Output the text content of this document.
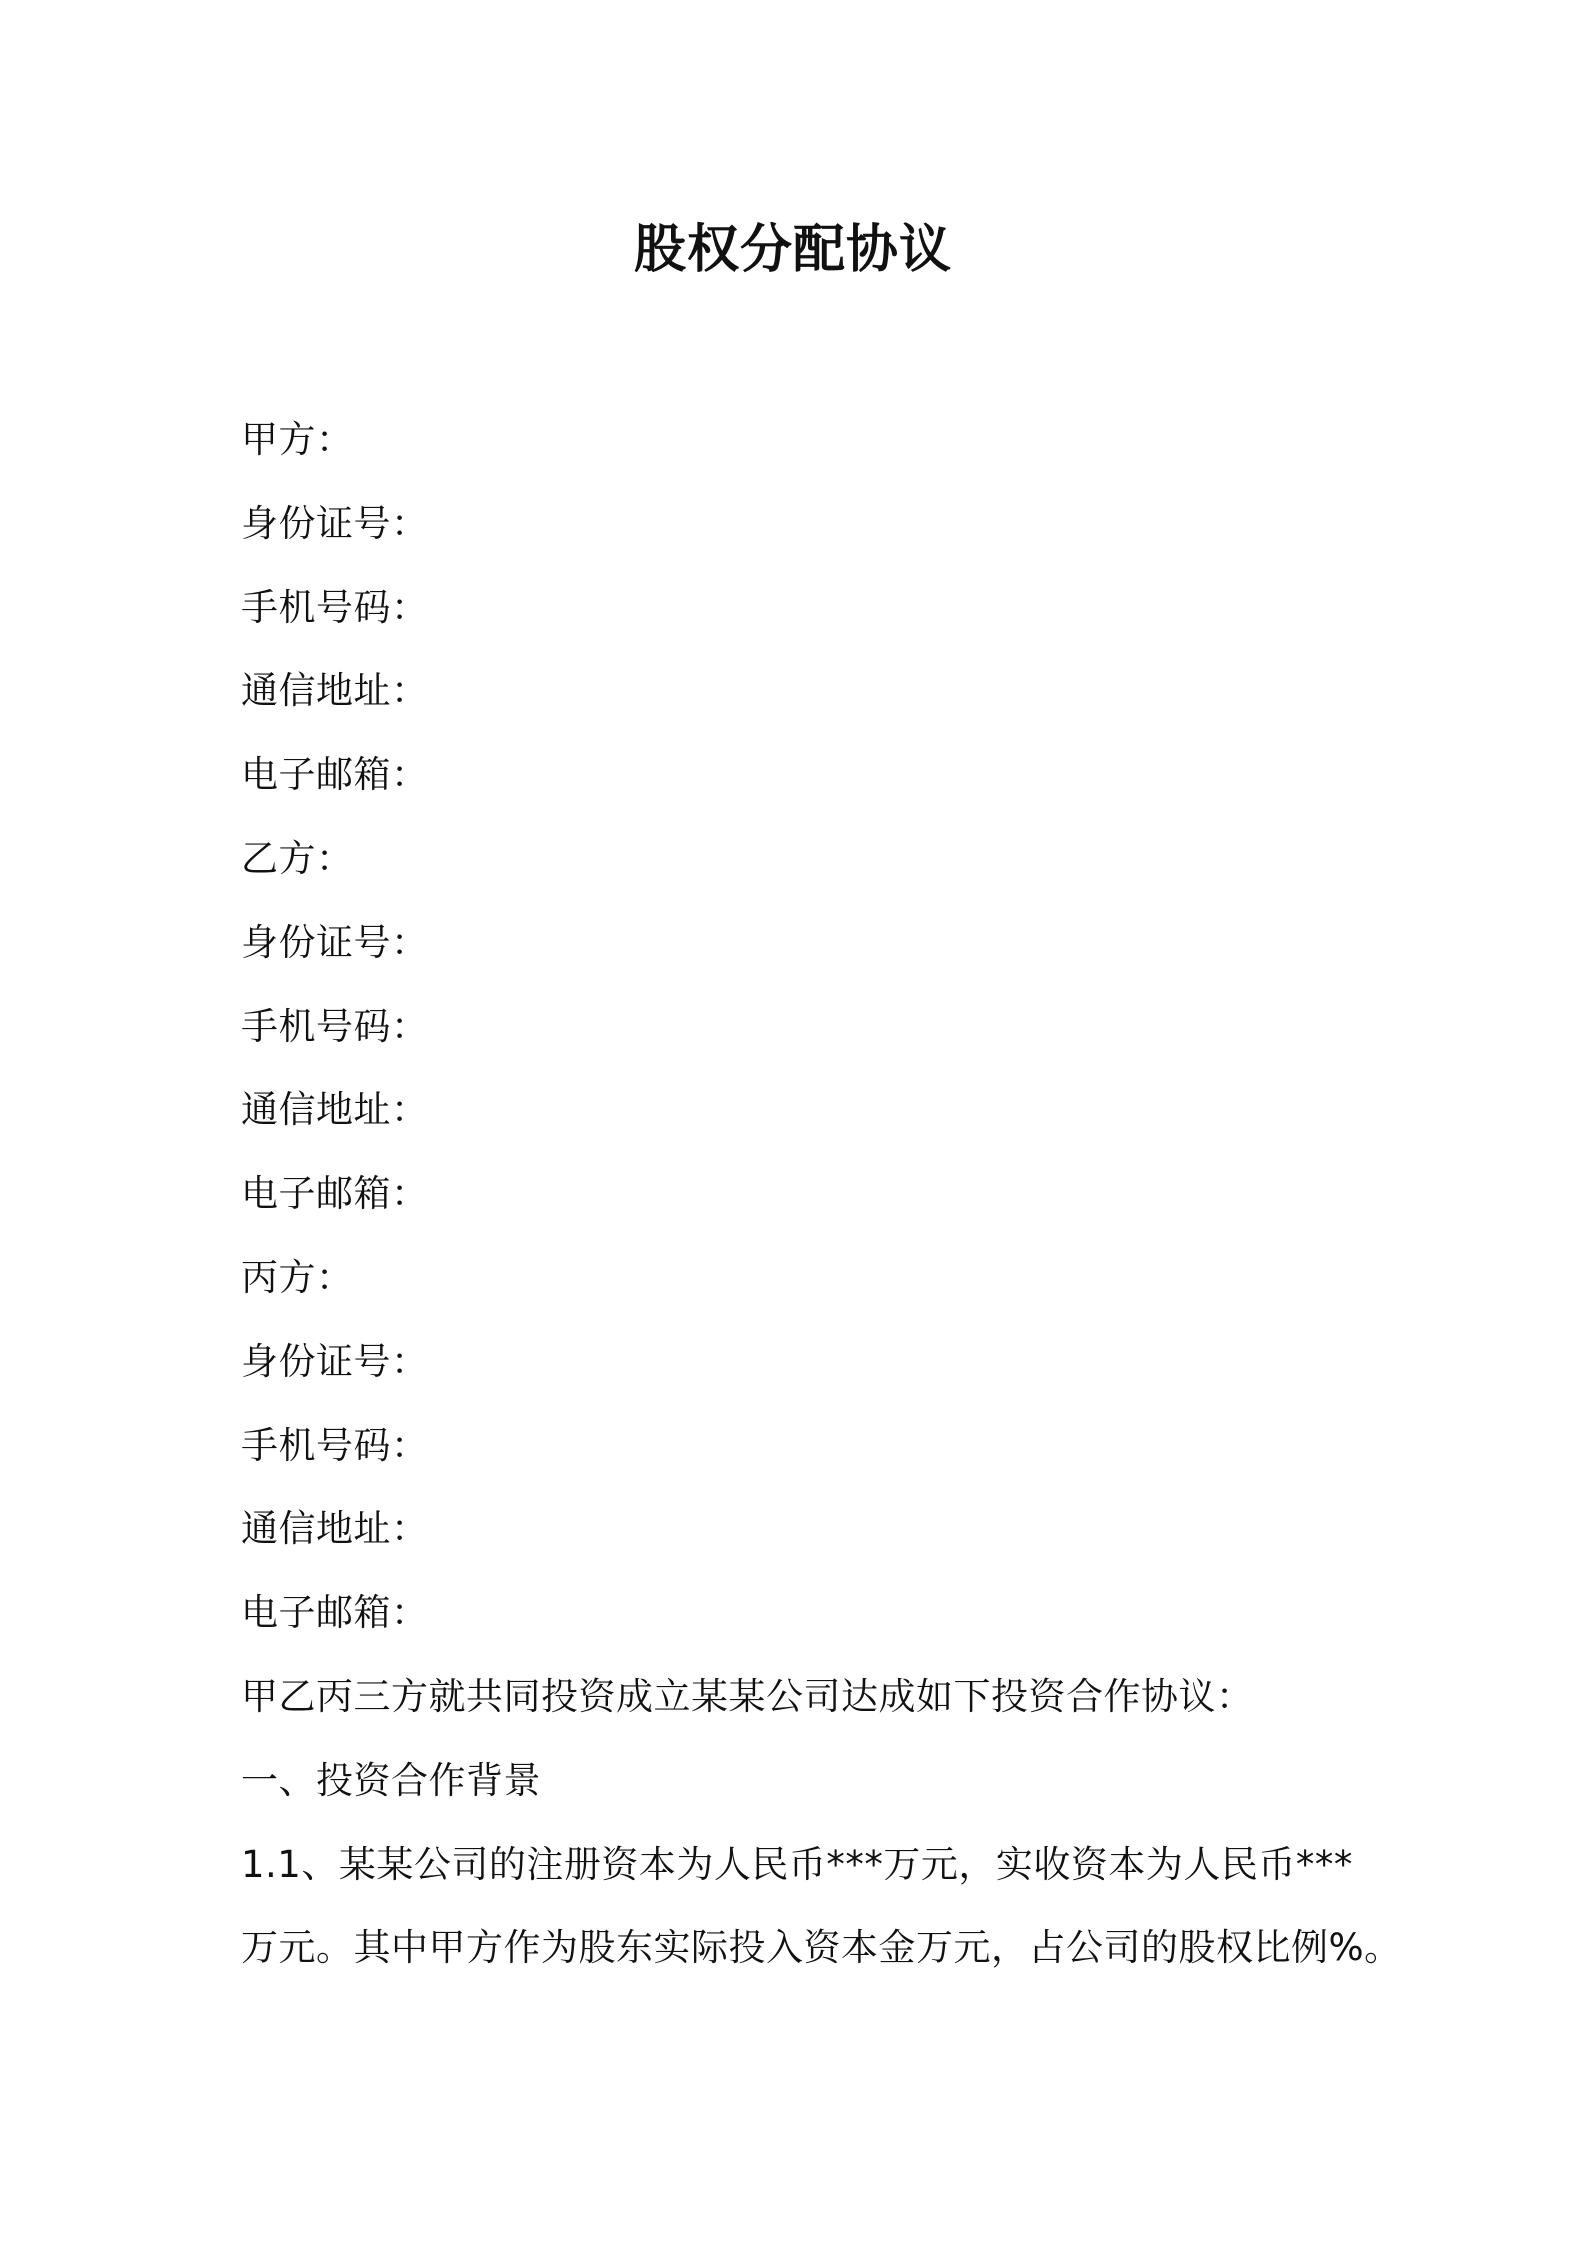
股权分配协议
甲方：
身份证号：
手机号码：
通信地址：
电子邮箱：
乙方：
身份证号：
手机号码：
通信地址：
电子邮箱：
丙方：
身份证号：
手机号码：
通信地址：
电子邮箱：
甲乙丙三方就共同投资成立某某公司达成如下投资合作协议：
一、投资合作背景
1.1、某某公司的注册资本为人民币***万元，实收资本为人民币***
万元。其中甲方作为股东实际投入资本金万元，占公司的股权比例%。
